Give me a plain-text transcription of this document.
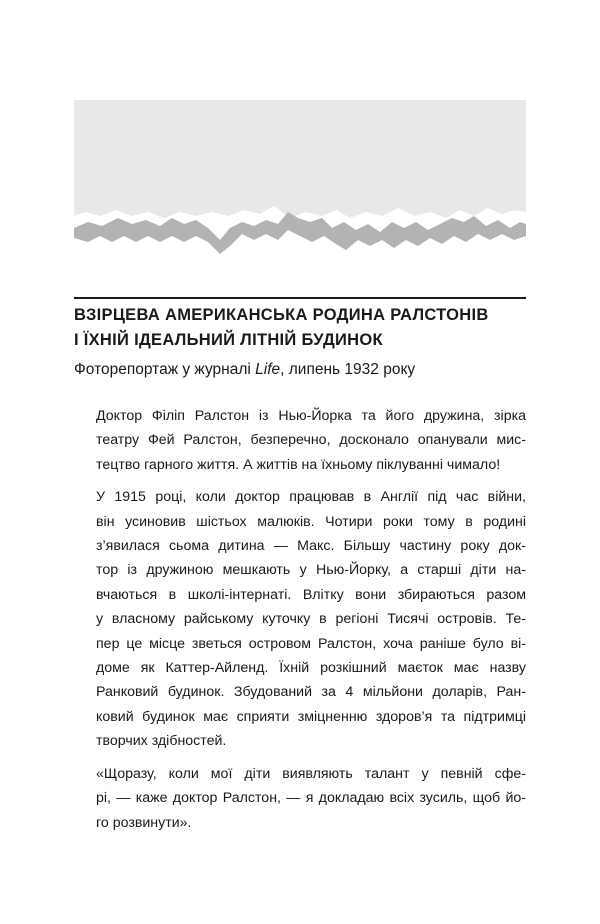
ВЗІРЦЕВА АМЕРИКАНСЬКА РОДИНА РАЛСТОНІВ
І ЇХНІЙ ІДЕАЛЬНИЙ ЛІТНІЙ БУДИНОК

Фоторепортаж у журналі Life, липень 1932 року

Доктор Філіп Ралстон із Нью-Йорка та його дружина, зірка
театру Фей Ралстон, безперечно, досконало опанували мис-
тецтво гарного життя. А життів на їхньому піклуванні чимало!

У 1915 році, коли доктор працював в Англії під час війни,
він усиновив шістьох малюків. Чотири роки тому в родині
з’явилася сьома дитина — Макс. Більшу частину року док-
тор із дружиною мешкають у Нью-Йорку, а старші діти на-
вчаються в школі-інтернаті. Влітку вони збираються разом
у власному райському куточку в регіоні Тисячі островів. Те-
пер це місце зветься островом Ралстон, хоча раніше було ві-
доме як Каттер-Айленд. Їхній розкішний маєток має назву
Ранковий будинок. Збудований за 4 мільйони доларів, Ран-
ковий будинок має сприяти зміцненню здоров’я та підтримці
творчих здібностей.

«Щоразу, коли мої діти виявляють талант у певній сфе-
рі, — каже доктор Ралстон, — я докладаю всіх зусиль, щоб йо-
го розвинути».
